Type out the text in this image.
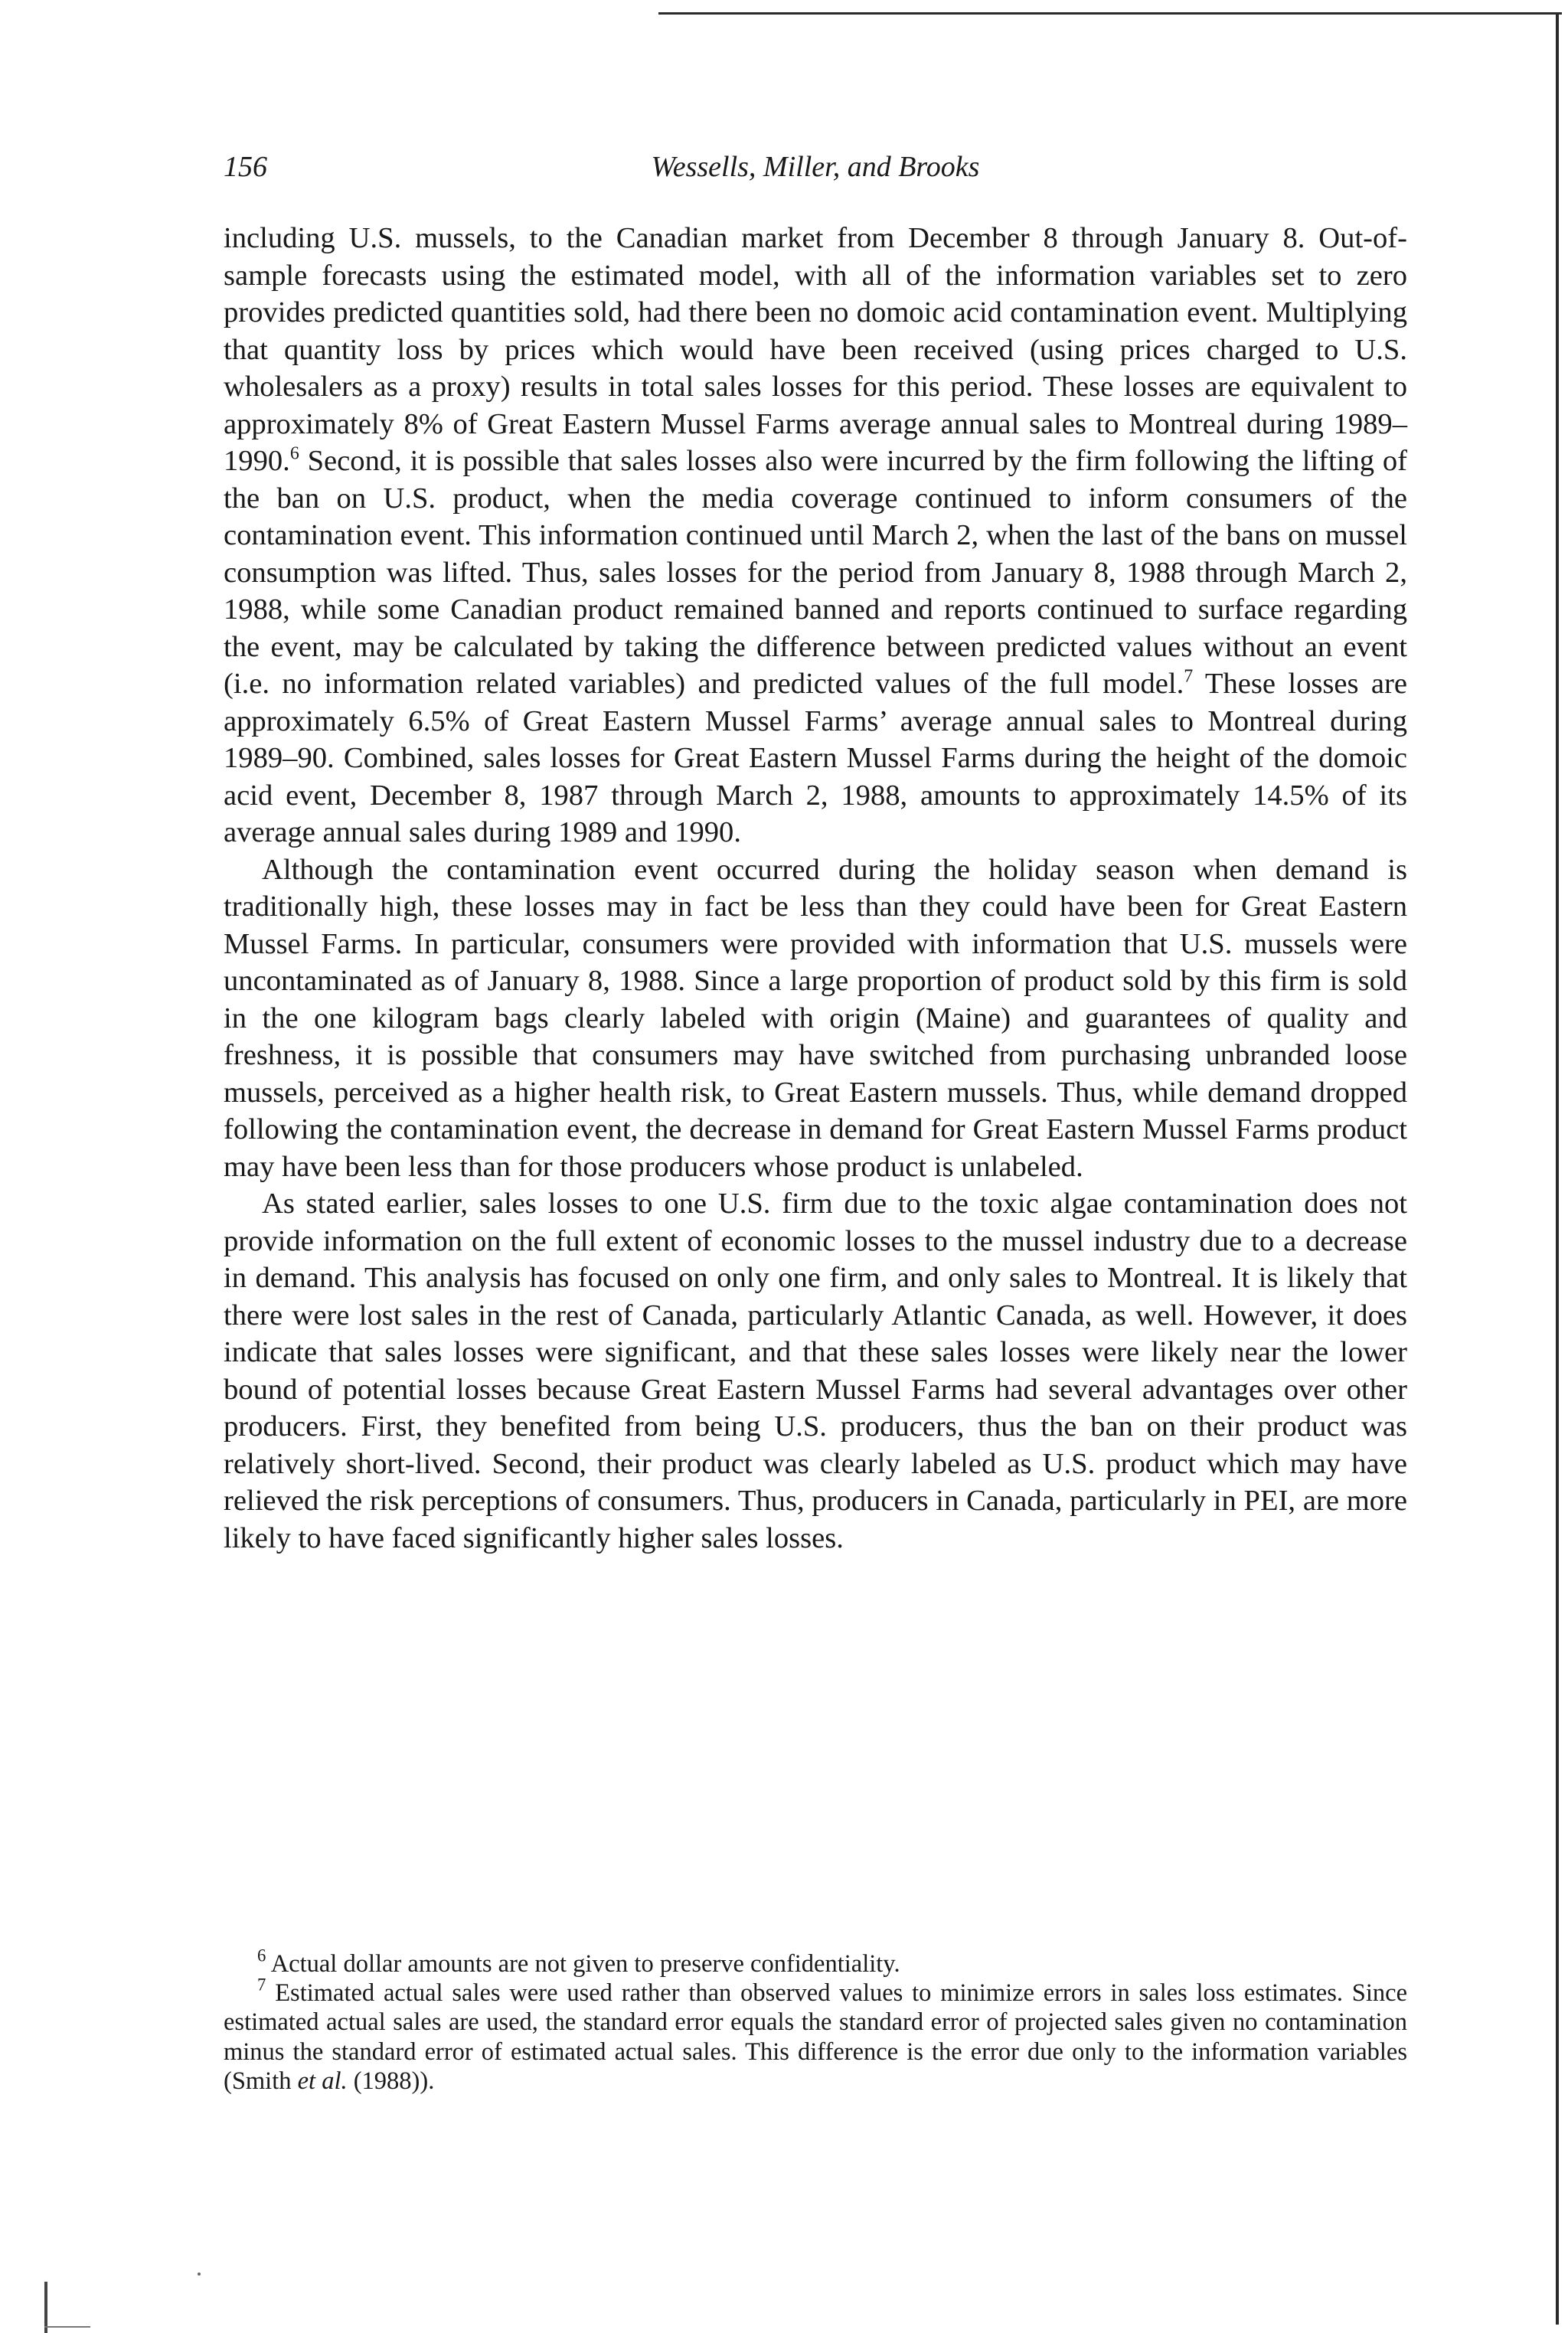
156	Wessells, Miller, and Brooks

including U.S. mussels, to the Canadian market from December 8 through January 8. Out-of-sample forecasts using the estimated model, with all of the information variables set to zero provides predicted quantities sold, had there been no domoic acid contamination event. Multiplying that quantity loss by prices which would have been received (using prices charged to U.S. wholesalers as a proxy) results in total sales losses for this period. These losses are equivalent to approximately 8% of Great Eastern Mussel Farms average annual sales to Montreal during 1989–1990.$^6$ Second, it is possible that sales losses also were incurred by the firm following the lifting of the ban on U.S. product, when the media coverage continued to inform consumers of the contamination event. This information continued until March 2, when the last of the bans on mussel consumption was lifted. Thus, sales losses for the period from January 8, 1988 through March 2, 1988, while some Canadian product remained banned and reports continued to surface regarding the event, may be calculated by taking the difference between predicted values without an event (i.e. no information related variables) and predicted values of the full model.$^7$ These losses are approximately 6.5% of Great Eastern Mussel Farms’ average annual sales to Montreal during 1989–90. Combined, sales losses for Great Eastern Mussel Farms during the height of the domoic acid event, December 8, 1987 through March 2, 1988, amounts to approximately 14.5% of its average annual sales during 1989 and 1990.

Although the contamination event occurred during the holiday season when demand is traditionally high, these losses may in fact be less than they could have been for Great Eastern Mussel Farms. In particular, consumers were provided with information that U.S. mussels were uncontaminated as of January 8, 1988. Since a large proportion of product sold by this firm is sold in the one kilogram bags clearly labeled with origin (Maine) and guarantees of quality and freshness, it is possible that consumers may have switched from purchasing unbranded loose mussels, perceived as a higher health risk, to Great Eastern mussels. Thus, while demand dropped following the contamination event, the decrease in demand for Great Eastern Mussel Farms product may have been less than for those producers whose product is unlabeled.

As stated earlier, sales losses to one U.S. firm due to the toxic algae contamination does not provide information on the full extent of economic losses to the mussel industry due to a decrease in demand. This analysis has focused on only one firm, and only sales to Montreal. It is likely that there were lost sales in the rest of Canada, particularly Atlantic Canada, as well. However, it does indicate that sales losses were significant, and that these sales losses were likely near the lower bound of potential losses because Great Eastern Mussel Farms had several advantages over other producers. First, they benefited from being U.S. producers, thus the ban on their product was relatively short-lived. Second, their product was clearly labeled as U.S. product which may have relieved the risk perceptions of consumers. Thus, producers in Canada, particularly in PEI, are more likely to have faced significantly higher sales losses.

$^6$ Actual dollar amounts are not given to preserve confidentiality.

$^7$ Estimated actual sales were used rather than observed values to minimize errors in sales loss estimates. Since estimated actual sales are used, the standard error equals the standard error of projected sales given no contamination minus the standard error of estimated actual sales. This difference is the error due only to the information variables (Smith et al. (1988)).
